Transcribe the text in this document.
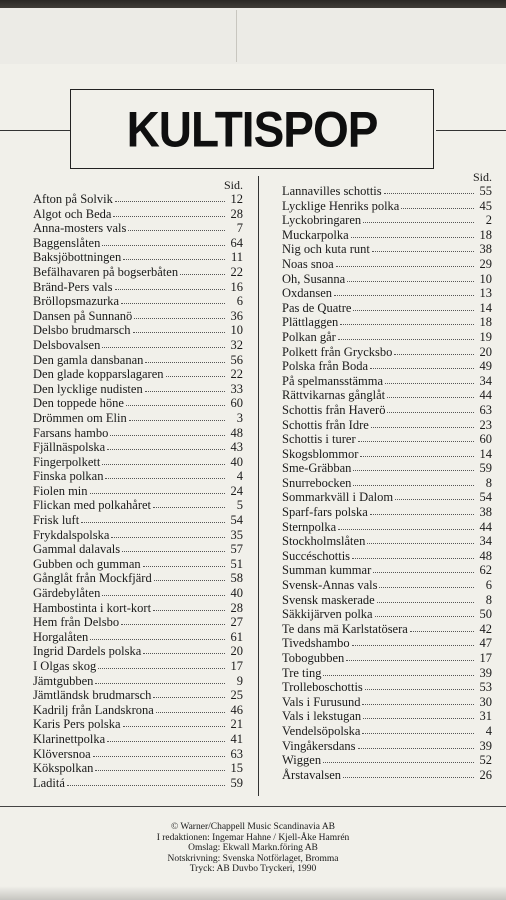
KULTISPOP
Sid.
Afton på Solvik	12
Algot och Beda	28
Anna-mosters vals	7
Baggenslåten	64
Baksjöbottningen	11
Befälhavaren på bogserbåten	22
Bränd-Pers vals	16
Bröllopsmazurka	6
Dansen på Sunnanö	36
Delsbo brudmarsch	10
Delsbovalsen	32
Den gamla dansbanan	56
Den glade kopparslagaren	22
Den lycklige nudisten	33
Den toppede höne	60
Drömmen om Elin	3
Farsans hambo	48
Fjällnäspolska	43
Fingerpolkett	40
Finska polkan	4
Fiolen min	24
Flickan med polkahåret	5
Frisk luft	54
Frykdalspolska	35
Gammal dalavals	57
Gubben och gumman	51
Gånglåt från Mockfjärd	58
Gärdebylåten	40
Hambostinta i kort-kort	28
Hem från Delsbo	27
Horgalåten	61
Ingrid Dardels polska	20
I Olgas skog	17
Jämtgubben	9
Jämtländsk brudmarsch	25
Kadrilj från Landskrona	46
Karis Pers polska	21
Klarinettpolka	41
Klöversnoa	63
Kökspolkan	15
Laditá	59
Sid.
Lannavilles schottis	55
Lycklige Henriks polka	45
Lyckobringaren	2
Muckarpolka	18
Nig och kuta runt	38
Noas snoa	29
Oh, Susanna	10
Oxdansen	13
Pas de Quatre	14
Plättlaggen	18
Polkan går	19
Polkett från Grycksbo	20
Polska från Boda	49
På spelmansstämma	34
Rättvikarnas gånglåt	44
Schottis från Haverö	63
Schottis från Idre	23
Schottis i turer	60
Skogsblommor	14
Sme-Gräbban	59
Snurrebocken	8
Sommarkväll i Dalom	54
Sparf-fars polska	38
Sternpolka	44
Stockholmslåten	34
Succéschottis	48
Summan kummar	62
Svensk-Annas vals	6
Svensk maskerade	8
Säkkijärven polka	50
Te dans mä Karlstatösera	42
Tivedshambo	47
Tobogubben	17
Tre ting	39
Trolleboschottis	53
Vals i Furusund	30
Vals i lekstugan	31
Vendelsöpolska	4
Vingåkersdans	39
Wiggen	52
Årstavalsen	26
© Warner/Chappell Music Scandinavia AB
I redaktionen: Ingemar Hahne / Kjell-Åke Hamrén
Omslag: Ekwall Markn.föring AB
Notskrivning: Svenska Notförlaget, Bromma
Tryck: AB Duvbo Tryckeri, 1990
